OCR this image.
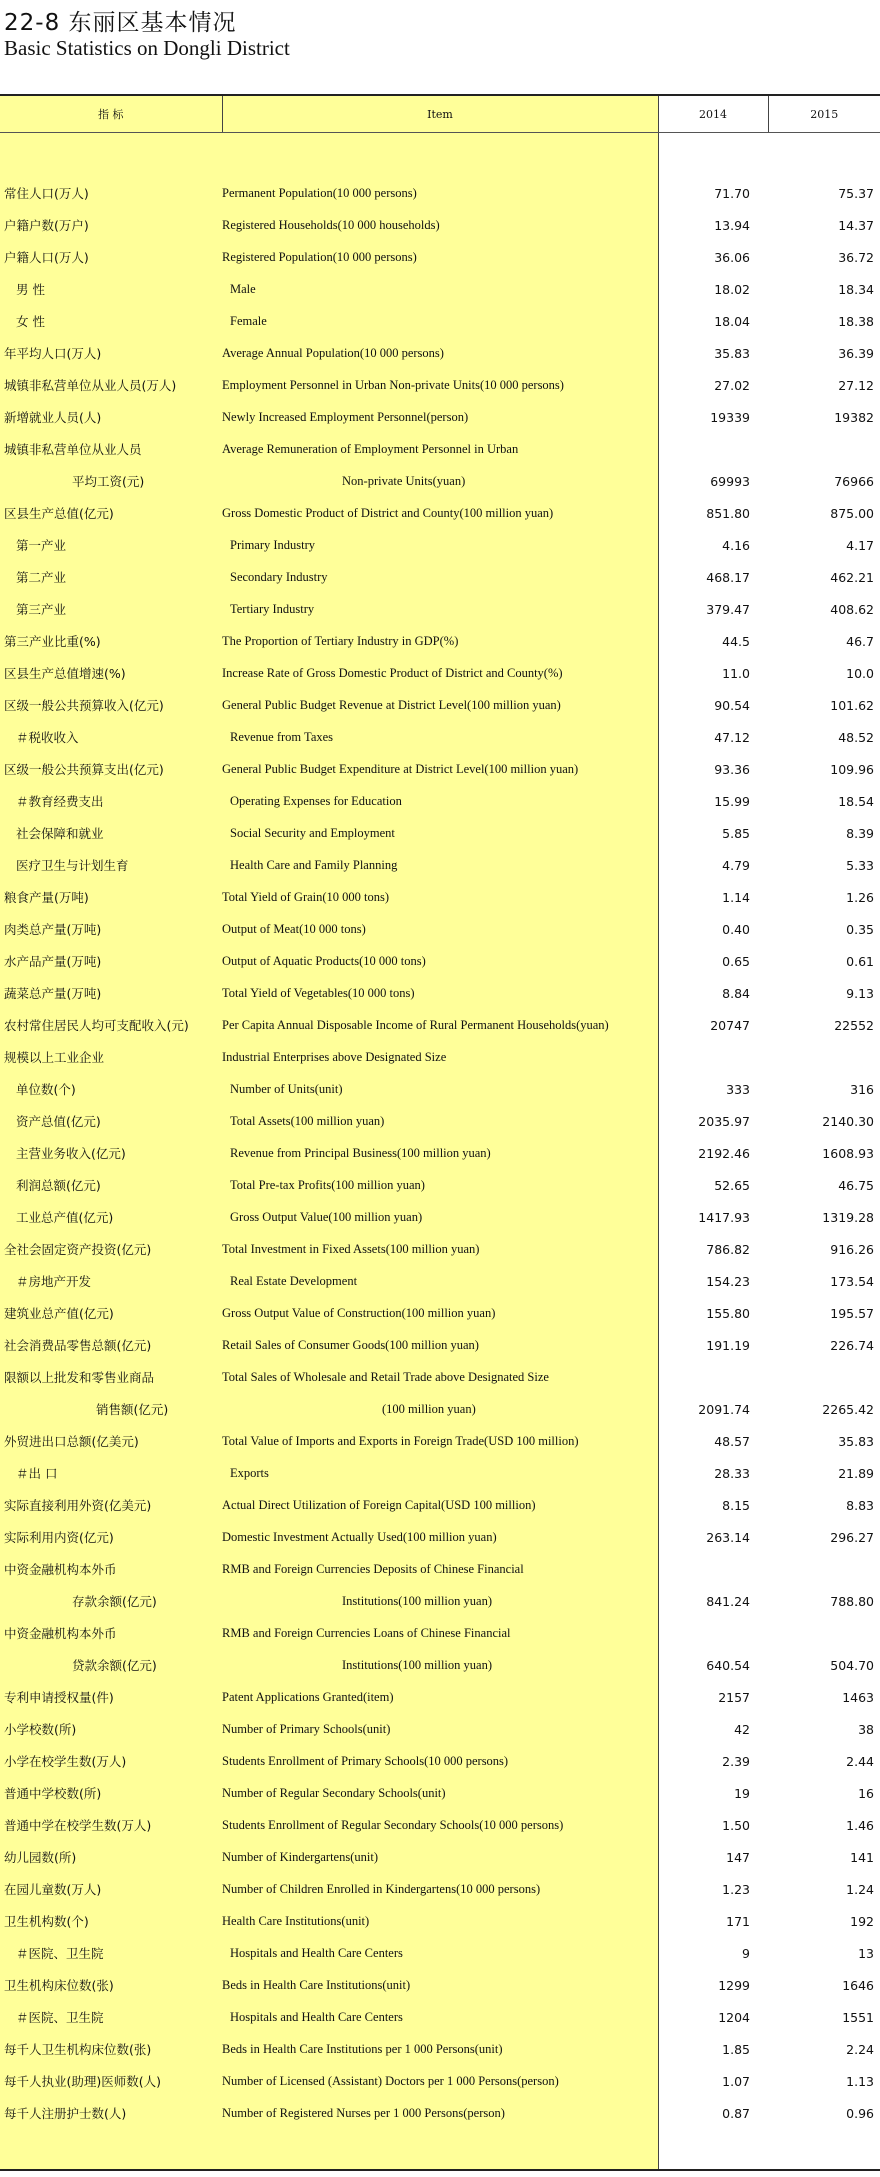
22-8 东丽区基本情况
Basic Statistics on Dongli District
指 标	Item	2014	2015

常住人口(万人)	Permanent Population(10 000 persons)	71.70	75.37
户籍户数(万户)	Registered Households(10 000 households)	13.94	14.37
户籍人口(万人)	Registered Population(10 000 persons)	36.06	36.72
男 性	Male	18.02	18.34
女 性	Female	18.04	18.38
年平均人口(万人)	Average Annual Population(10 000 persons)	35.83	36.39
城镇非私营单位从业人员(万人)	Employment Personnel in Urban Non-private Units(10 000 persons)	27.02	27.12
新增就业人员(人)	Newly Increased Employment Personnel(person)	19339	19382
城镇非私营单位从业人员	Average Remuneration of Employment Personnel in Urban		
平均工资(元)	Non-private Units(yuan)	69993	76966
区县生产总值(亿元)	Gross Domestic Product of District and County(100 million yuan)	851.80	875.00
第一产业	Primary Industry	4.16	4.17
第二产业	Secondary Industry	468.17	462.21
第三产业	Tertiary Industry	379.47	408.62
第三产业比重(%)	The Proportion of Tertiary Industry in GDP(%)	44.5	46.7
区县生产总值增速(%)	Increase Rate of Gross Domestic Product of District and County(%)	11.0	10.0
区级一般公共预算收入(亿元)	General Public Budget Revenue at District Level(100 million yuan)	90.54	101.62
＃税收收入	Revenue from Taxes	47.12	48.52
区级一般公共预算支出(亿元)	General Public Budget Expenditure at District Level(100 million yuan)	93.36	109.96
＃教育经费支出	Operating Expenses for Education	15.99	18.54
社会保障和就业	Social Security and Employment	5.85	8.39
医疗卫生与计划生育	Health Care and Family Planning	4.79	5.33
粮食产量(万吨)	Total Yield of Grain(10 000 tons)	1.14	1.26
肉类总产量(万吨)	Output of Meat(10 000 tons)	0.40	0.35
水产品产量(万吨)	Output of Aquatic Products(10 000 tons)	0.65	0.61
蔬菜总产量(万吨)	Total Yield of Vegetables(10 000 tons)	8.84	9.13
农村常住居民人均可支配收入(元)	Per Capita Annual Disposable Income of Rural Permanent Households(yuan)	20747	22552
规模以上工业企业	Industrial Enterprises above Designated Size		
单位数(个)	Number of Units(unit)	333	316
资产总值(亿元)	Total Assets(100 million yuan)	2035.97	2140.30
主营业务收入(亿元)	Revenue from Principal Business(100 million yuan)	2192.46	1608.93
利润总额(亿元)	Total Pre-tax Profits(100 million yuan)	52.65	46.75
工业总产值(亿元)	Gross Output Value(100 million yuan)	1417.93	1319.28
全社会固定资产投资(亿元)	Total Investment in Fixed Assets(100 million yuan)	786.82	916.26
＃房地产开发	Real Estate Development	154.23	173.54
建筑业总产值(亿元)	Gross Output Value of Construction(100 million yuan)	155.80	195.57
社会消费品零售总额(亿元)	Retail Sales of Consumer Goods(100 million yuan)	191.19	226.74
限额以上批发和零售业商品	Total Sales of Wholesale and Retail Trade above Designated Size		
销售额(亿元)	(100 million yuan)	2091.74	2265.42
外贸进出口总额(亿美元)	Total Value of Imports and Exports in Foreign Trade(USD 100 million)	48.57	35.83
＃出 口	Exports	28.33	21.89
实际直接利用外资(亿美元)	Actual Direct Utilization of Foreign Capital(USD 100 million)	8.15	8.83
实际利用内资(亿元)	Domestic Investment Actually Used(100 million yuan)	263.14	296.27
中资金融机构本外币	RMB and Foreign Currencies Deposits of Chinese Financial		
存款余额(亿元)	Institutions(100 million yuan)	841.24	788.80
中资金融机构本外币	RMB and Foreign Currencies Loans of Chinese Financial		
贷款余额(亿元)	Institutions(100 million yuan)	640.54	504.70
专利申请授权量(件)	Patent Applications Granted(item)	2157	1463
小学校数(所)	Number of Primary Schools(unit)	42	38
小学在校学生数(万人)	Students Enrollment of Primary Schools(10 000 persons)	2.39	2.44
普通中学校数(所)	Number of Regular Secondary Schools(unit)	19	16
普通中学在校学生数(万人)	Students Enrollment of Regular Secondary Schools(10 000 persons)	1.50	1.46
幼儿园数(所)	Number of Kindergartens(unit)	147	141
在园儿童数(万人)	Number of Children Enrolled in Kindergartens(10 000 persons)	1.23	1.24
卫生机构数(个)	Health Care Institutions(unit)	171	192
＃医院、卫生院	Hospitals and Health Care Centers	9	13
卫生机构床位数(张)	Beds in Health Care Institutions(unit)	1299	1646
＃医院、卫生院	Hospitals and Health Care Centers	1204	1551
每千人卫生机构床位数(张)	Beds in Health Care Institutions per 1 000 Persons(unit)	1.85	2.24
每千人执业(助理)医师数(人)	Number of Licensed (Assistant) Doctors per 1 000 Persons(person)	1.07	1.13
每千人注册护士数(人)	Number of Registered Nurses per 1 000 Persons(person)	0.87	0.96
